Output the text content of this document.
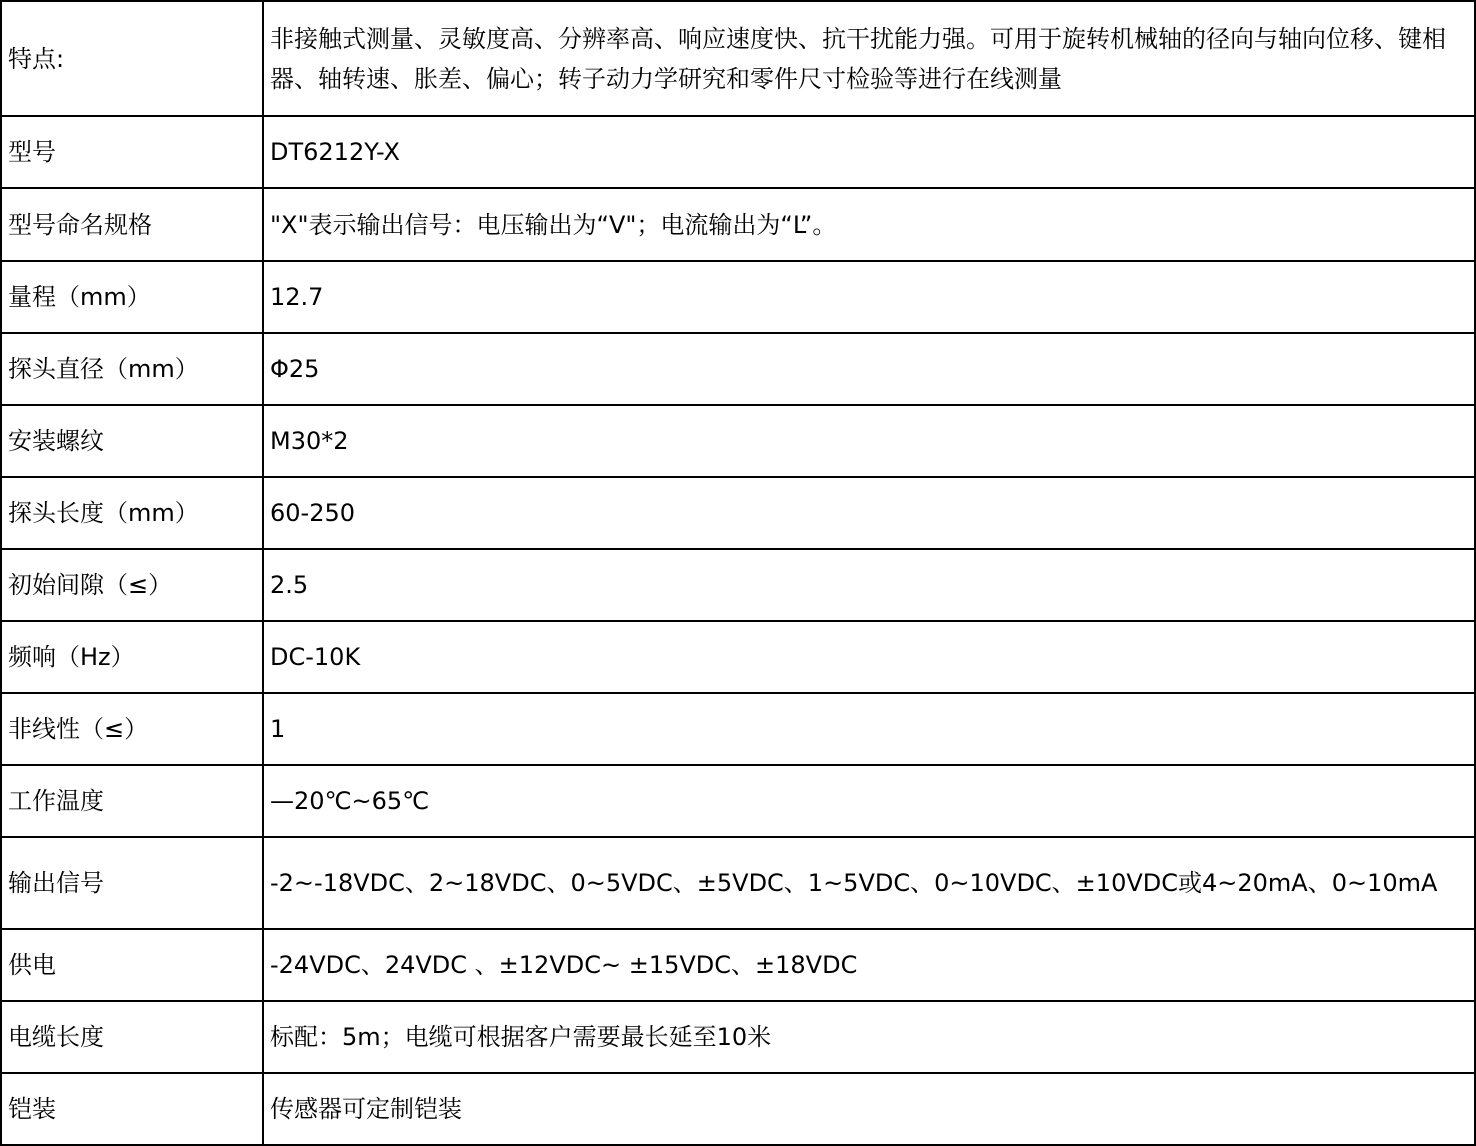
特点:	非接触式测量、灵敏度高、分辨率高、响应速度快、抗干扰能力强。可用于旋转机械轴的径向与轴向位移、键相器、轴转速、胀差、偏心；转子动力学研究和零件尺寸检验等进行在线测量
型号	DT6212Y-X
型号命名规格	"X"表示输出信号：电压输出为“V"；电流输出为“L”。
量程（mm）	12.7
探头直径（mm）	Φ25
安装螺纹	M30*2
探头长度（mm）	60-250
初始间隙（≤）	2.5
频响（Hz）	DC-10K
非线性（≤）	1
工作温度	—20℃~65℃
输出信号	-2~-18VDC、2~18VDC、0~5VDC、±5VDC、1~5VDC、0~10VDC、±10VDC或4~20mA、0~10mA
供电	-24VDC、24VDC 、±12VDC~ ±15VDC、±18VDC
电缆长度	标配：5m；电缆可根据客户需要最长延至10米
铠装	传感器可定制铠装
